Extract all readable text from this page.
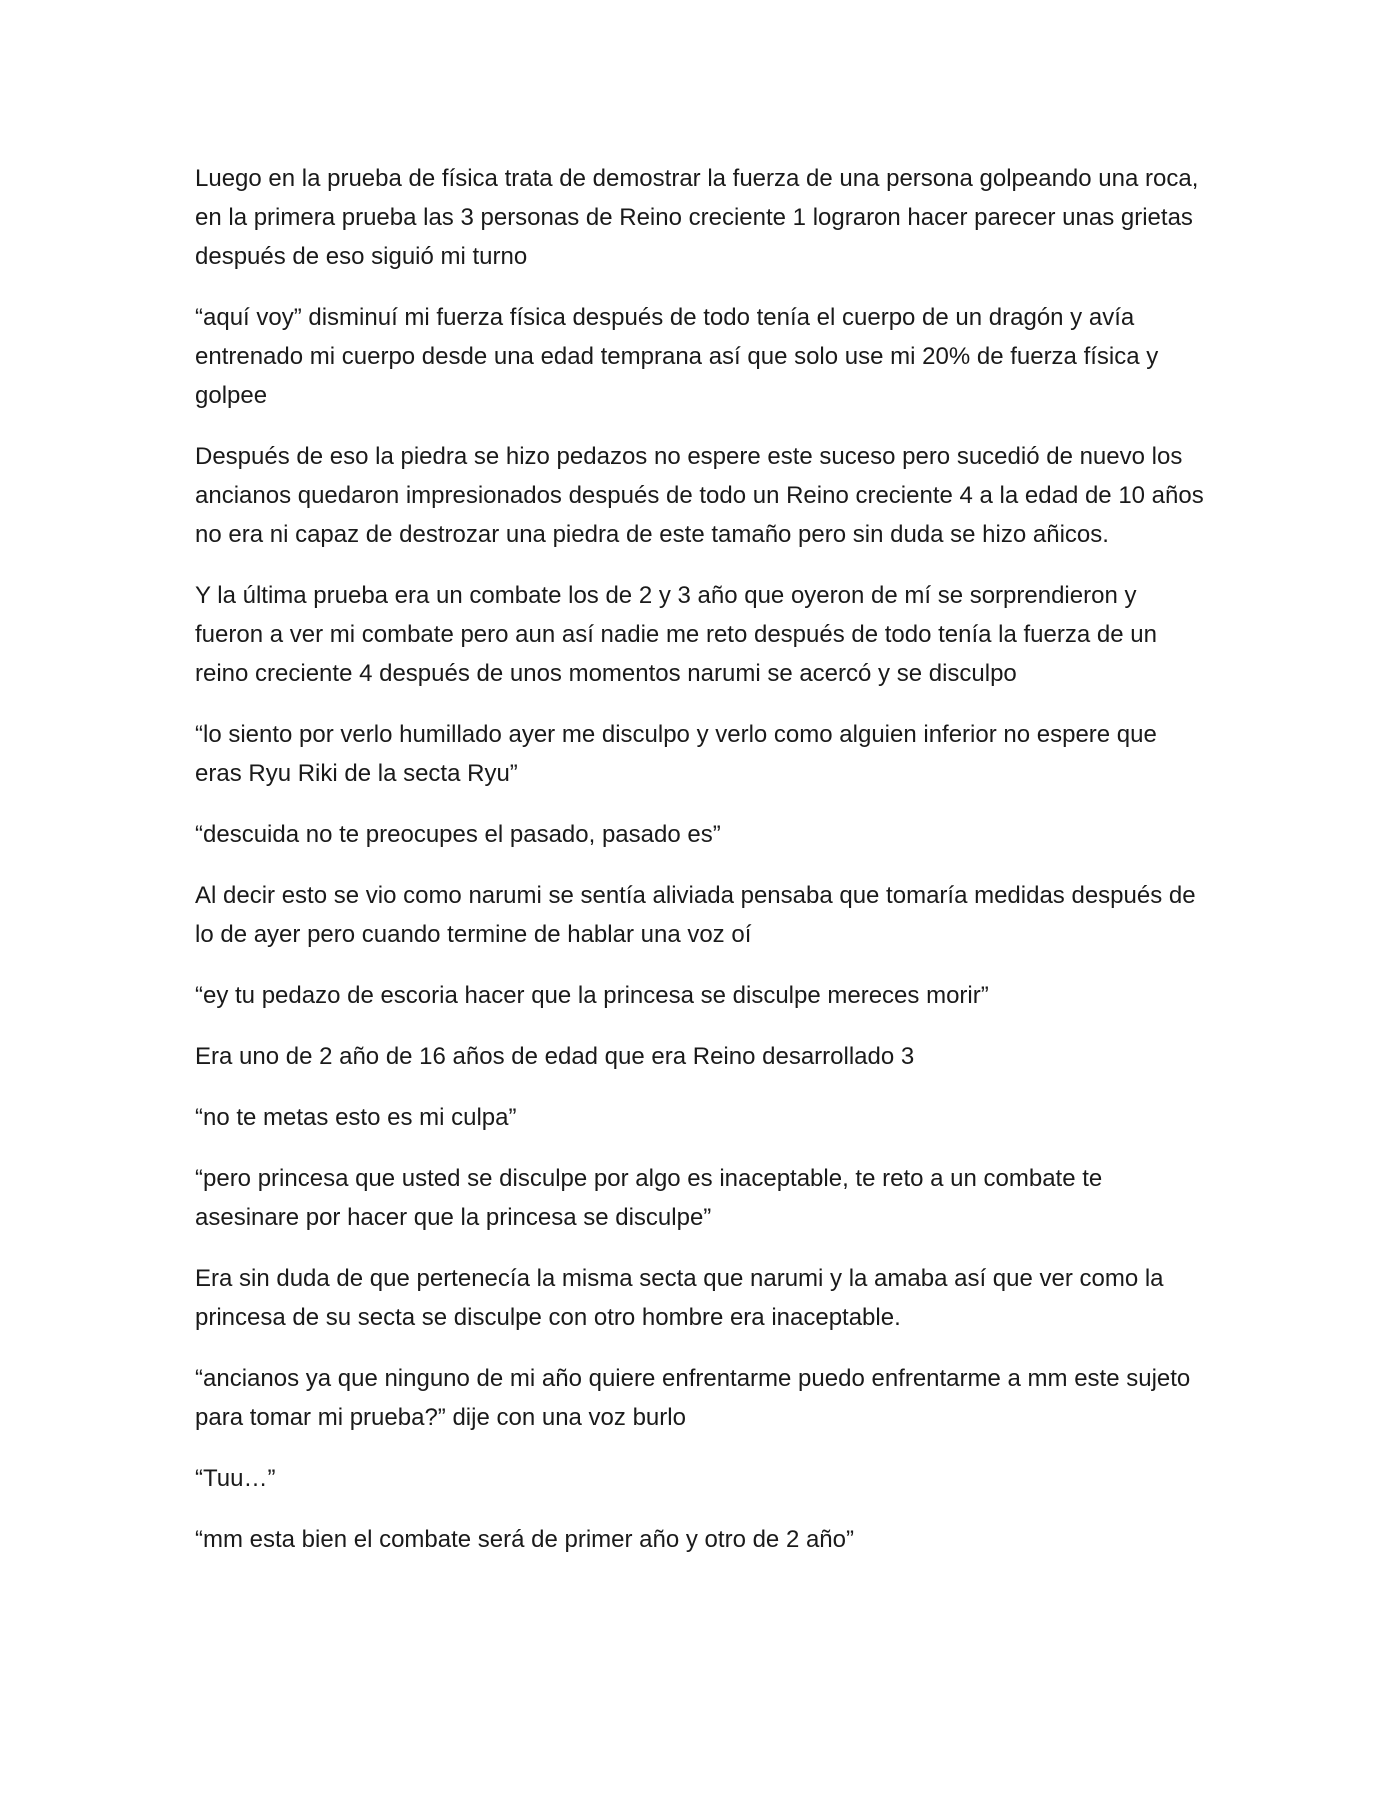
Luego en la prueba de física trata de demostrar la fuerza de una persona golpeando una roca, en la primera prueba las 3 personas de Reino creciente 1 lograron hacer parecer unas grietas después de eso siguió mi turno

“aquí voy” disminuí mi fuerza física después de todo tenía el cuerpo de un dragón y avía entrenado mi cuerpo desde una edad temprana así que solo use mi 20% de fuerza física y golpee

Después de eso la piedra se hizo pedazos no espere este suceso pero sucedió de nuevo los ancianos quedaron impresionados después de todo un Reino creciente 4 a la edad de 10 años no era ni capaz de destrozar una piedra de este tamaño pero sin duda se hizo añicos.

Y la última prueba era un combate los de 2 y 3 año que oyeron de mí se sorprendieron y fueron a ver mi combate pero aun así nadie me reto después de todo tenía la fuerza de un reino creciente 4 después de unos momentos narumi se acercó y se disculpo

“lo siento por verlo humillado ayer me disculpo y verlo como alguien inferior no espere que eras Ryu Riki de la secta Ryu”

“descuida no te preocupes el pasado, pasado es”

Al decir esto se vio como narumi se sentía aliviada pensaba que tomaría medidas después de lo de ayer pero cuando termine de hablar una voz oí

“ey tu pedazo de escoria hacer que la princesa se disculpe mereces morir”

Era uno de 2 año de 16 años de edad que era Reino desarrollado 3

“no te metas esto es mi culpa”

“pero princesa que usted se disculpe por algo es inaceptable, te reto a un combate te asesinare por hacer que la princesa se disculpe”

Era sin duda de que pertenecía la misma secta que narumi y la amaba así que ver como la princesa de su secta se disculpe con otro hombre era inaceptable.

“ancianos ya que ninguno de mi año quiere enfrentarme puedo enfrentarme a mm este sujeto para tomar mi prueba?” dije con una voz burlo

“Tuu…”

“mm esta bien el combate será de primer año y otro de 2 año”
